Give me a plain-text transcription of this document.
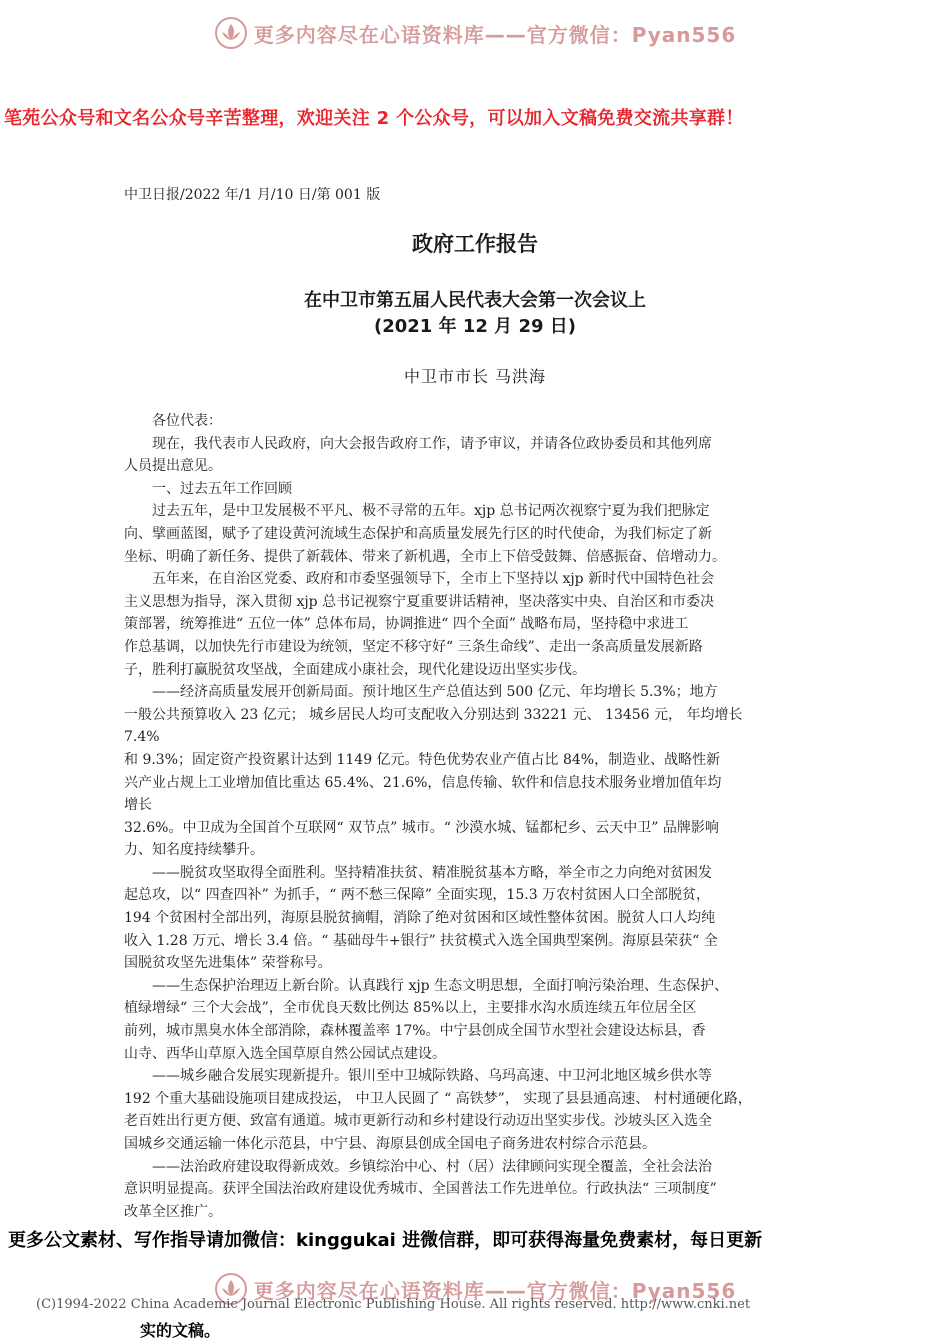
更多内容尽在心语资料库——官方微信：Pyan556
笔苑公众号和文名公众号辛苦整理，欢迎关注 2 个公众号，可以加入文稿免费交流共享群！
中卫日报/2022 年/1 月/10 日/第 001 版
政府工作报告
在中卫市第五届人民代表大会第一次会议上
(2021 年 12 月 29 日)
中卫市市长 马洪海
各位代表：
现在，我代表市人民政府，向大会报告政府工作，请予审议，并请各位政协委员和其他列席
人员提出意见。
一、过去五年工作回顾
过去五年，是中卫发展极不平凡、极不寻常的五年。xjp 总书记两次视察宁夏为我们把脉定
向、擘画蓝图，赋予了建设黄河流域生态保护和高质量发展先行区的时代使命，为我们标定了新
坐标、明确了新任务、提供了新载体、带来了新机遇，全市上下倍受鼓舞、倍感振奋、倍增动力。
五年来，在自治区党委、政府和市委坚强领导下，全市上下坚持以 xjp 新时代中国特色社会
主义思想为指导，深入贯彻 xjp 总书记视察宁夏重要讲话精神，坚决落实中央、自治区和市委决
策部署，统筹推进“ 五位一体” 总体布局，协调推进“ 四个全面” 战略布局，坚持稳中求进工
作总基调，以加快先行市建设为统领，坚定不移守好“ 三条生命线”、走出一条高质量发展新路
子，胜利打赢脱贫攻坚战，全面建成小康社会，现代化建设迈出坚实步伐。
——经济高质量发展开创新局面。预计地区生产总值达到 500 亿元、年均增长 5.3%；地方
一般公共预算收入 23 亿元； 城乡居民人均可支配收入分别达到 33221 元、 13456 元， 年均增长
7.4%
和 9.3%；固定资产投资累计达到 1149 亿元。特色优势农业产值占比 84%，制造业、战略性新
兴产业占规上工业增加值比重达 65.4%、21.6%，信息传输、软件和信息技术服务业增加值年均
增长
32.6%。中卫成为全国首个互联网“ 双节点” 城市。“ 沙漠水城、锰都杞乡、云天中卫” 品牌影响
力、知名度持续攀升。
——脱贫攻坚取得全面胜利。坚持精准扶贫、精准脱贫基本方略，举全市之力向绝对贫困发
起总攻，以“ 四查四补” 为抓手，“ 两不愁三保障” 全面实现，15.3 万农村贫困人口全部脱贫，
194 个贫困村全部出列，海原县脱贫摘帽，消除了绝对贫困和区域性整体贫困。脱贫人口人均纯
收入 1.28 万元、增长 3.4 倍。“ 基础母牛+银行” 扶贫模式入选全国典型案例。海原县荣获“ 全
国脱贫攻坚先进集体” 荣誉称号。
——生态保护治理迈上新台阶。认真践行 xjp 生态文明思想，全面打响污染治理、生态保护、
植绿增绿“ 三个大会战”，全市优良天数比例达 85%以上，主要排水沟水质连续五年位居全区
前列，城市黑臭水体全部消除，森林覆盖率 17%。中宁县创成全国节水型社会建设达标县，香
山寺、西华山草原入选全国草原自然公园试点建设。
——城乡融合发展实现新提升。银川至中卫城际铁路、乌玛高速、中卫河北地区城乡供水等
192 个重大基础设施项目建成投运， 中卫人民圆了 “ 高铁梦”， 实现了县县通高速、 村村通硬化路，
老百姓出行更方便、致富有通道。城市更新行动和乡村建设行动迈出坚实步伐。沙坡头区入选全
国城乡交通运输一体化示范县，中宁县、海原县创成全国电子商务进农村综合示范县。
——法治政府建设取得新成效。乡镇综治中心、村（居）法律顾问实现全覆盖，全社会法治
意识明显提高。获评全国法治政府建设优秀城市、全国普法工作先进单位。行政执法“ 三项制度”
改革全区推广。
更多公文素材、写作指导请加微信：kinggukai 进微信群，即可获得海量免费素材，每日更新
更多内容尽在心语资料库——官方微信：Pyan556
(C)1994-2022 China Academic Journal Electronic Publishing House. All rights reserved. http://www.cnki.net
实的文稿。
